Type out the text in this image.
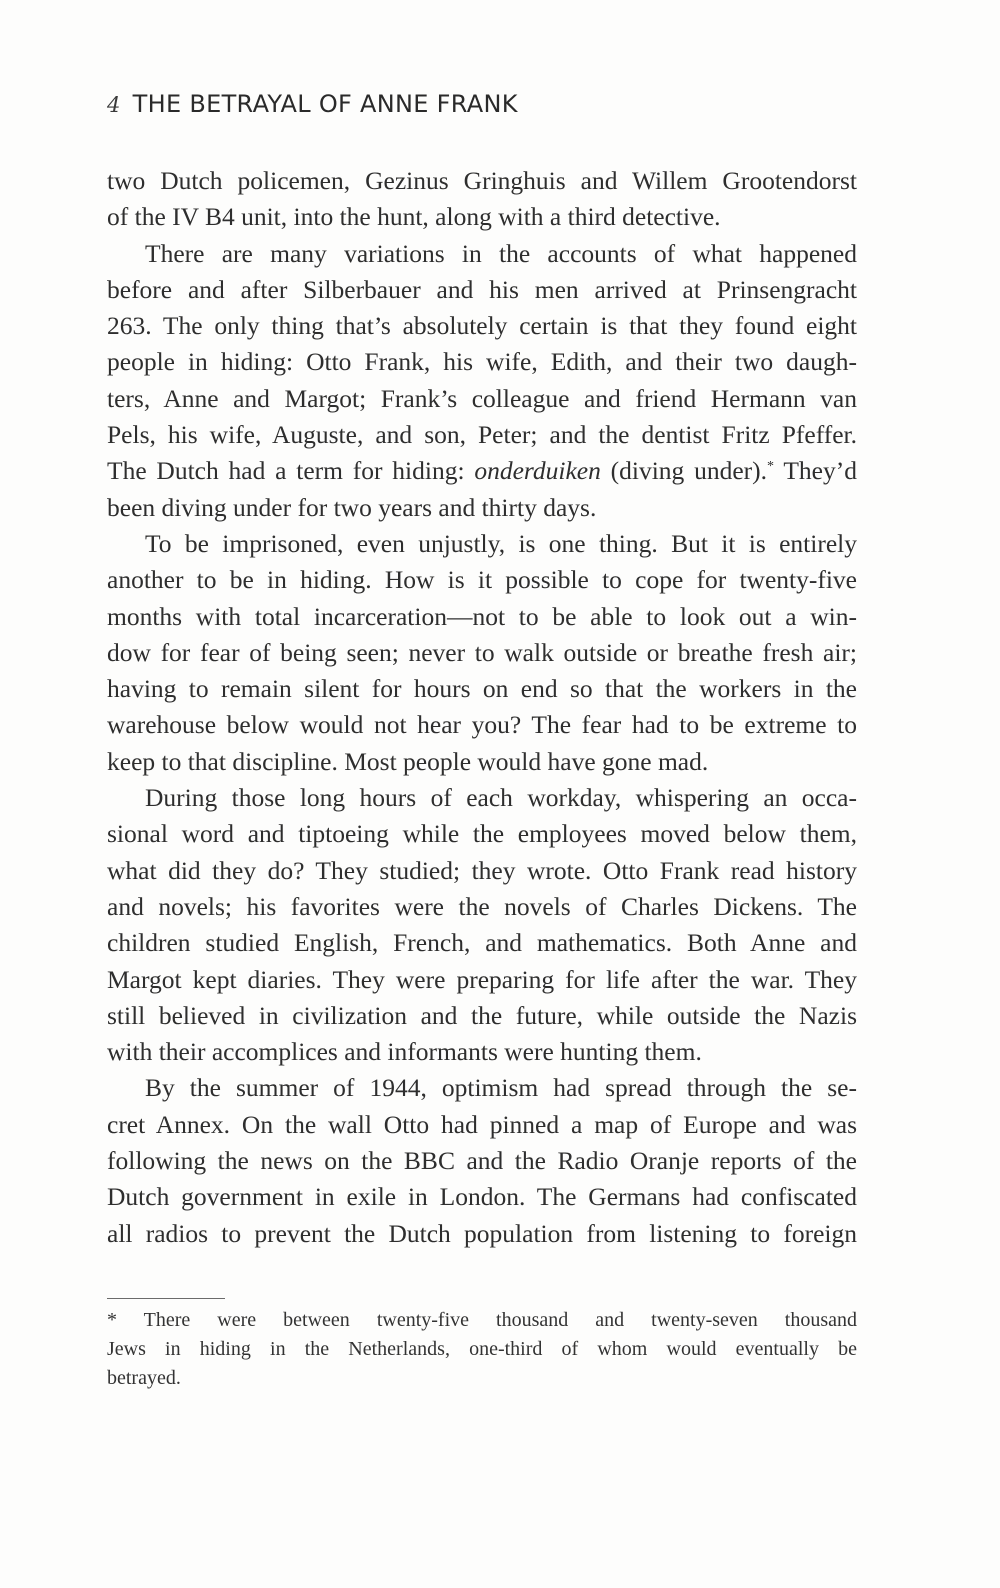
4 THE BETRAYAL OF ANNE FRANK
two Dutch policemen, Gezinus Gringhuis and Willem Grootendorst
of the IV B4 unit, into the hunt, along with a third detective.
There are many variations in the accounts of what happened
before and after Silberbauer and his men arrived at Prinsengracht
263. The only thing that’s absolutely certain is that they found eight
people in hiding: Otto Frank, his wife, Edith, and their two daugh-
ters, Anne and Margot; Frank’s colleague and friend Hermann van
Pels, his wife, Auguste, and son, Peter; and the dentist Fritz Pfeffer.
The Dutch had a term for hiding: onderduiken (diving under).* They’d
been diving under for two years and thirty days.
To be imprisoned, even unjustly, is one thing. But it is entirely
another to be in hiding. How is it possible to cope for twenty-five
months with total incarceration—not to be able to look out a win-
dow for fear of being seen; never to walk outside or breathe fresh air;
having to remain silent for hours on end so that the workers in the
warehouse below would not hear you? The fear had to be extreme to
keep to that discipline. Most people would have gone mad.
During those long hours of each workday, whispering an occa-
sional word and tiptoeing while the employees moved below them,
what did they do? They studied; they wrote. Otto Frank read history
and novels; his favorites were the novels of Charles Dickens. The
children studied English, French, and mathematics. Both Anne and
Margot kept diaries. They were preparing for life after the war. They
still believed in civilization and the future, while outside the Nazis
with their accomplices and informants were hunting them.
By the summer of 1944, optimism had spread through the se-
cret Annex. On the wall Otto had pinned a map of Europe and was
following the news on the BBC and the Radio Oranje reports of the
Dutch government in exile in London. The Germans had confiscated
all radios to prevent the Dutch population from listening to foreign
* There were between twenty-five thousand and twenty-seven thousand
Jews in hiding in the Netherlands, one-third of whom would eventually be
betrayed.
